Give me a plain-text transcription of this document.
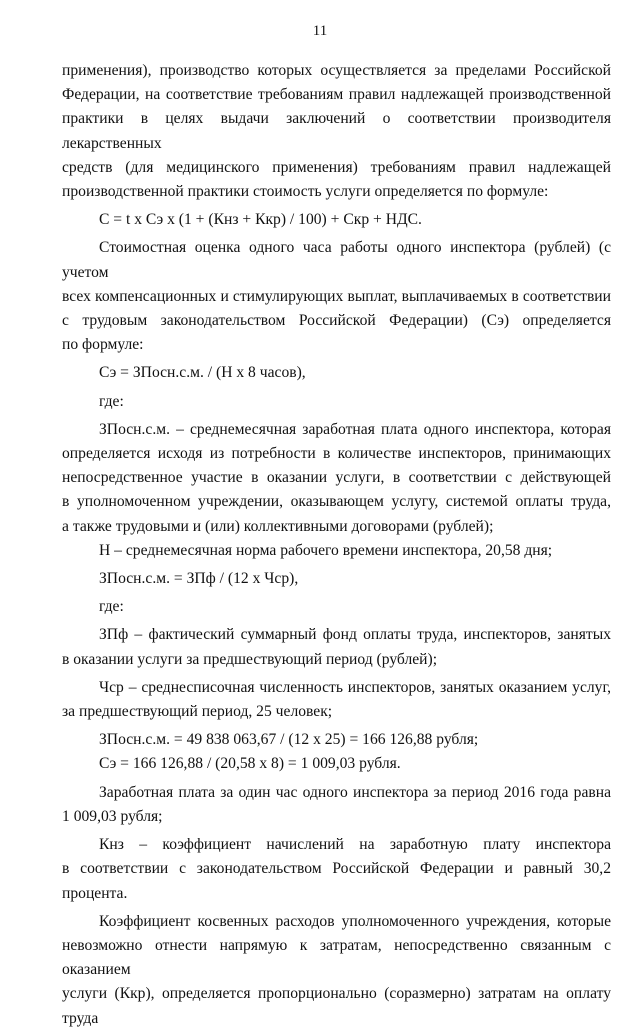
11

применения), производство которых осуществляется за пределами Российской
Федерации, на соответствие требованиям правил надлежащей производственной
практики в целях выдачи заключений о соответствии производителя лекарственных
средств (для медицинского применения) требованиям правил надлежащей
производственной практики стоимость услуги определяется по формуле:

С = t x Сэ x (1 + (Кнз + Ккр) / 100) + Скр + НДС.

Стоимостная оценка одного часа работы одного инспектора (рублей) (с учетом
всех компенсационных и стимулирующих выплат, выплачиваемых в соответствии
с трудовым законодательством Российской Федерации) (Сэ) определяется
по формуле:

Сэ = ЗПосн.с.м. / (Н x 8 часов),

где:

ЗПосн.с.м. – среднемесячная заработная плата одного инспектора, которая
определяется исходя из потребности в количестве инспекторов, принимающих
непосредственное участие в оказании услуги, в соответствии с действующей
в уполномоченном учреждении, оказывающем услугу, системой оплаты труда,
а также трудовыми и (или) коллективными договорами (рублей);

Н – среднемесячная норма рабочего времени инспектора, 20,58 дня;

ЗПосн.с.м. = ЗПф / (12 x Чср),

где:

ЗПф – фактический суммарный фонд оплаты труда, инспекторов, занятых
в оказании услуги за предшествующий период (рублей);

Чср – среднесписочная численность инспекторов, занятых оказанием услуг,
за предшествующий период, 25 человек;

ЗПосн.с.м. = 49 838 063,67 / (12 x 25) = 166 126,88 рубля;

Сэ = 166 126,88 / (20,58 x 8) = 1 009,03 рубля.

Заработная плата за один час одного инспектора за период 2016 года равна
1 009,03 рубля;

Кнз – коэффициент начислений на заработную плату инспектора
в соответствии с законодательством Российской Федерации и равный 30,2 процента.

Коэффициент косвенных расходов уполномоченного учреждения, которые
невозможно отнести напрямую к затратам, непосредственно связанным с оказанием
услуги (Ккр), определяется пропорционально (соразмерно) затратам на оплату труда
